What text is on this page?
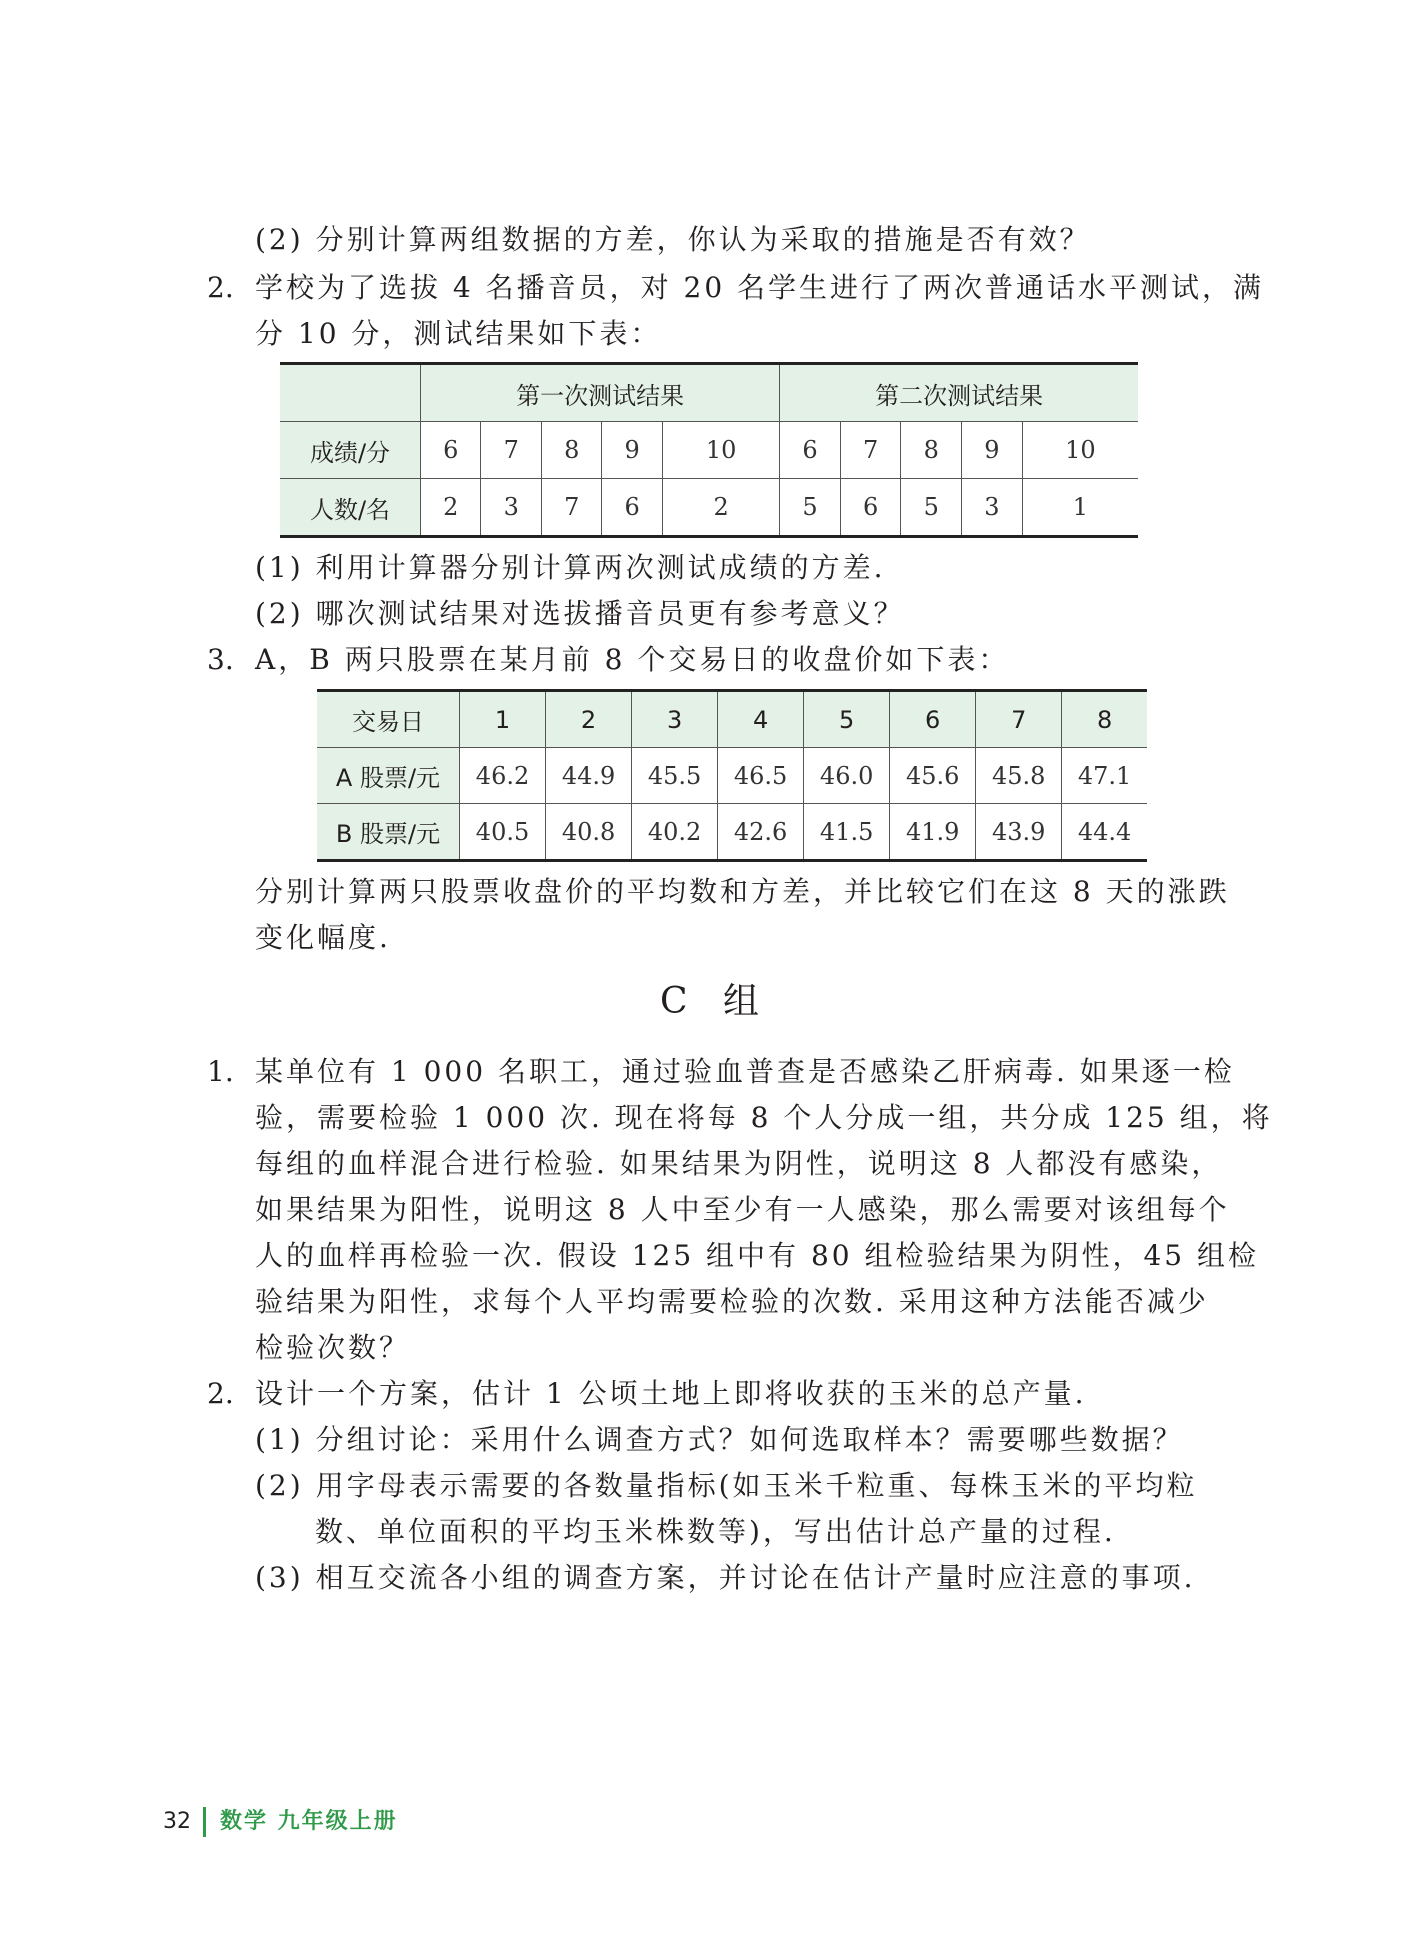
(2) 分别计算两组数据的方差，你认为采取的措施是否有效？
2. 学校为了选拔 4 名播音员，对 20 名学生进行了两次普通话水平测试，满
分 10 分，测试结果如下表：
	第一次测试结果					第二次测试结果				
成绩/分	6	7	8	9	10	6	7	8	9	10
人数/名	2	3	7	6	2	5	6	5	3	1
(1) 利用计算器分别计算两次测试成绩的方差.
(2) 哪次测试结果对选拔播音员更有参考意义？
3. A，B 两只股票在某月前 8 个交易日的收盘价如下表：
交易日	1	2	3	4	5	6	7	8
A 股票/元	46.2	44.9	45.5	46.5	46.0	45.6	45.8	47.1
B 股票/元	40.5	40.8	40.2	42.6	41.5	41.9	43.9	44.4
分别计算两只股票收盘价的平均数和方差，并比较它们在这 8 天的涨跌
变化幅度.
C 组
1. 某单位有 1 000 名职工，通过验血普查是否感染乙肝病毒. 如果逐一检
验，需要检验 1 000 次. 现在将每 8 个人分成一组，共分成 125 组，将
每组的血样混合进行检验. 如果结果为阴性，说明这 8 人都没有感染，
如果结果为阳性，说明这 8 人中至少有一人感染，那么需要对该组每个
人的血样再检验一次. 假设 125 组中有 80 组检验结果为阴性，45 组检
验结果为阳性，求每个人平均需要检验的次数. 采用这种方法能否减少
检验次数？
2. 设计一个方案，估计 1 公顷土地上即将收获的玉米的总产量.
(1) 分组讨论：采用什么调查方式？如何选取样本？需要哪些数据？
(2) 用字母表示需要的各数量指标(如玉米千粒重、每株玉米的平均粒
数、单位面积的平均玉米株数等)，写出估计总产量的过程.
(3) 相互交流各小组的调查方案，并讨论在估计产量时应注意的事项.
32 数学 九年级上册
